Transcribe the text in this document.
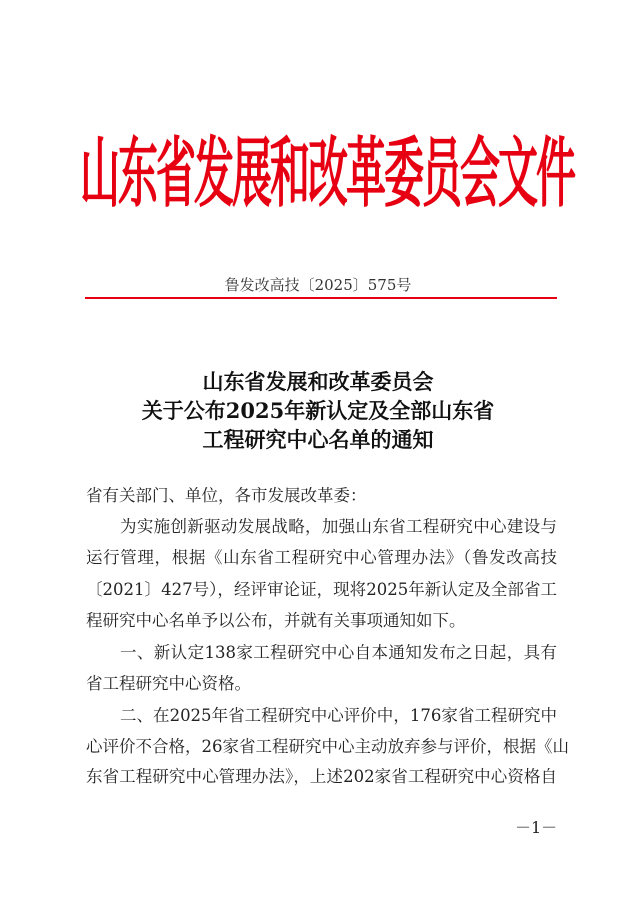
山东省发展和改革委员会文件
鲁发改高技〔2025〕575号
山东省发展和改革委员会
关于公布2025年新认定及全部山东省
工程研究中心名单的通知
省有关部门、单位，各市发展改革委：
为实施创新驱动发展战略，加强山东省工程研究中心建设与
运行管理，根据《山东省工程研究中心管理办法》（鲁发改高技
〔2021〕427号），经评审论证，现将2025年新认定及全部省工
程研究中心名单予以公布，并就有关事项通知如下。
一、新认定138家工程研究中心自本通知发布之日起，具有
省工程研究中心资格。
二、在2025年省工程研究中心评价中，176家省工程研究中
心评价不合格，26家省工程研究中心主动放弃参与评价，根据《山
东省工程研究中心管理办法》，上述202家省工程研究中心资格自
－1－
